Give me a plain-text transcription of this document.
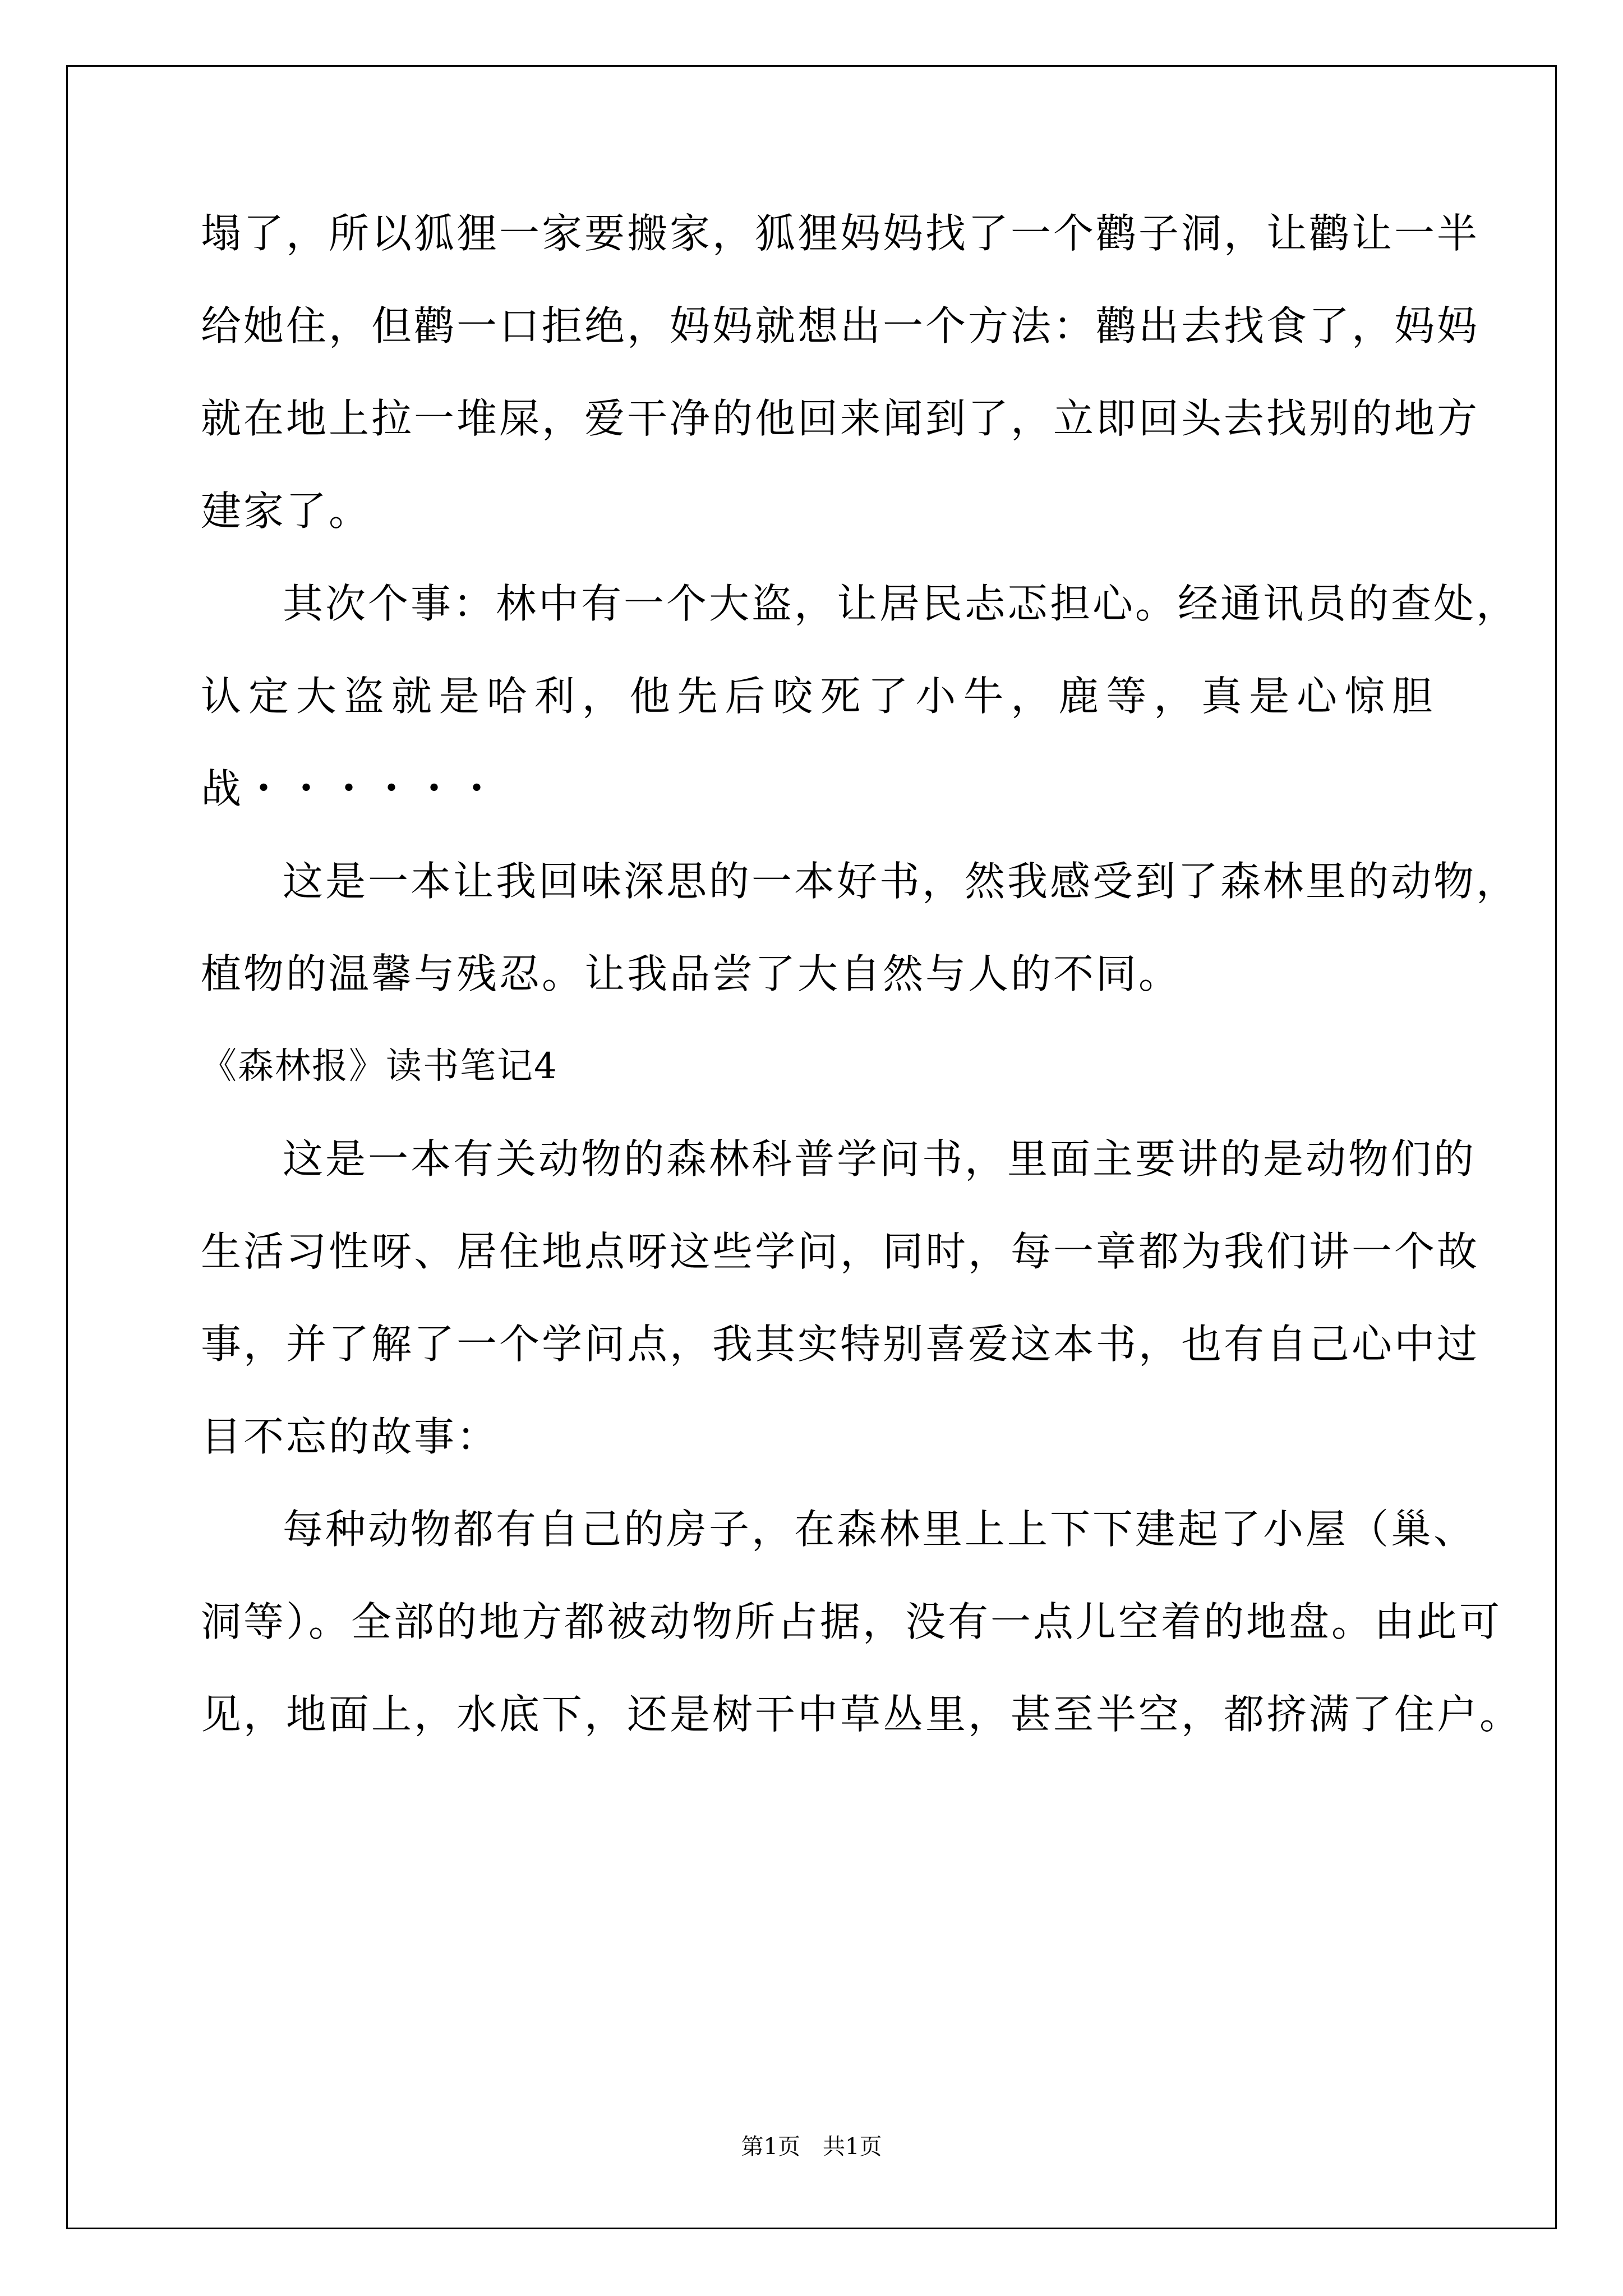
塌了，所以狐狸一家要搬家，狐狸妈妈找了一个鹳子洞，让鹳让一半
给她住，但鹳一口拒绝，妈妈就想出一个方法：鹳出去找食了，妈妈
就在地上拉一堆屎，爱干净的他回来闻到了，立即回头去找别的地方
建家了。
其次个事：林中有一个大盗，让居民忐忑担心。经通讯员的查处，
认定大盗就是哈利，他先后咬死了小牛，鹿等，真是心惊胆
战・・・・・・
这是一本让我回味深思的一本好书，然我感受到了森林里的动物，
植物的温馨与残忍。让我品尝了大自然与人的不同。
《森林报》读书笔记4
这是一本有关动物的森林科普学问书，里面主要讲的是动物们的
生活习性呀、居住地点呀这些学问，同时，每一章都为我们讲一个故
事，并了解了一个学问点，我其实特别喜爱这本书，也有自己心中过
目不忘的故事：
每种动物都有自己的房子，在森林里上上下下建起了小屋（巢、
洞等）。全部的地方都被动物所占据，没有一点儿空着的地盘。由此可
见，地面上，水底下，还是树干中草丛里，甚至半空，都挤满了住户。
第1页　共1页
